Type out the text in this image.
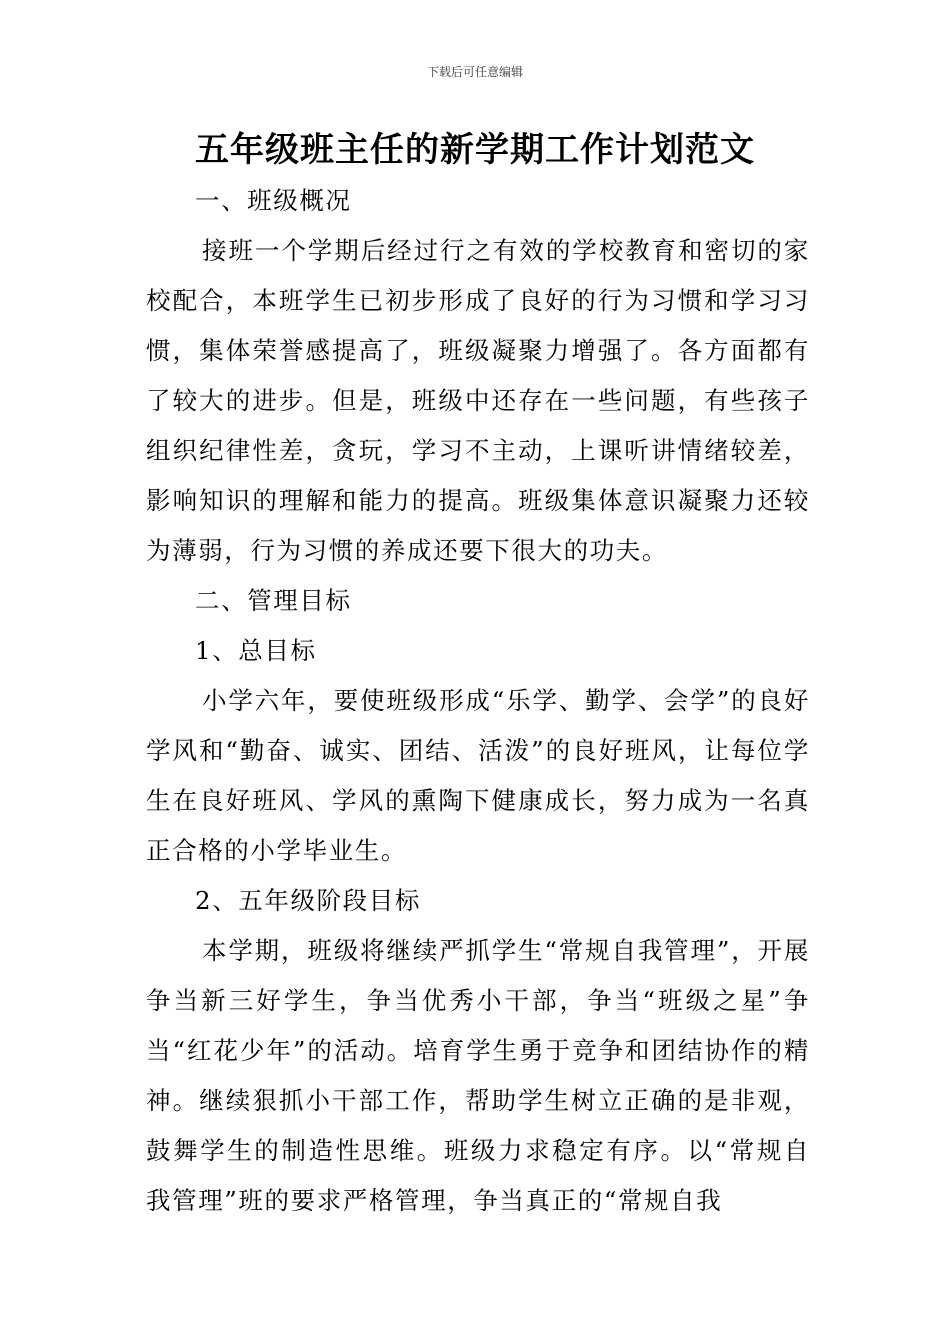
下载后可任意编辑
五年级班主任的新学期工作计划范文

一、班级概况

接班一个学期后经过行之有效的学校教育和密切的家校配合，本班学生已初步形成了良好的行为习惯和学习习惯，集体荣誉感提高了，班级凝聚力增强了。各方面都有了较大的进步。但是，班级中还存在一些问题，有些孩子组织纪律性差，贪玩，学习不主动，上课听讲情绪较差，影响知识的理解和能力的提高。班级集体意识凝聚力还较为薄弱，行为习惯的养成还要下很大的功夫。

二、管理目标

1、总目标

小学六年，要使班级形成“乐学、勤学、会学”的良好学风和“勤奋、诚实、团结、活泼”的良好班风，让每位学生在良好班风、学风的熏陶下健康成长，努力成为一名真正合格的小学毕业生。

2、五年级阶段目标

本学期，班级将继续严抓学生“常规自我管理”，开展争当新三好学生，争当优秀小干部，争当“班级之星”争当“红花少年”的活动。培育学生勇于竞争和团结协作的精神。继续狠抓小干部工作，帮助学生树立正确的是非观，鼓舞学生的制造性思维。班级力求稳定有序。以“常规自我管理”班的要求严格管理，争当真正的“常规自我
